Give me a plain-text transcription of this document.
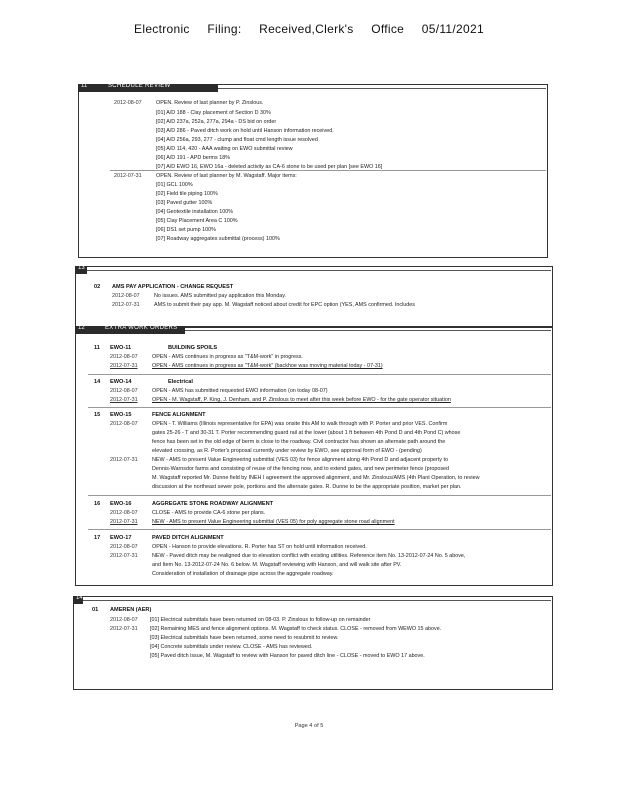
Electronic Filing: Received,Clerk's Office 05/11/2021
11	SCHEDULE REVIEW
2012-08-07	OPEN. Review of last planner by P. Zinslous.
[01] A/D 188 - Clay placement of Section D 30%
[02] A/D 237a, 252a, 277a, 294a - DS bid on order
[03] A/D 286 - Paved ditch work on hold until Hanson information received.
[04] A/D 256a, 293, 277 - clump and float cmd length issue resolved
[05] A/D 114, 420 - AAA waiting on EWO submittal review
[06] A/D 191 - APD berms 18%
[07] A/D EWO 16, EWO 16a - deleted activity as CA-6 stone to be used per plan [see EWO 16]
2012-07-31	OPEN. Review of last planner by M. Wagstaff. Major items:
[01] GCL 100%
[02] Field tile piping 100%
[03] Paved gutter 100%
[04] Geotextile installation 100%
[05] Clay Placement Area C 100%
[06] DS1 set pump 100%
[07] Roadway aggregates submittal (process) 100%
13
02 AMS PAY APPLICATION - CHANGE REQUEST
2012-08-07	No issues. AMS submitted pay application this Monday.
2012-07-31	AMS to submit their pay app. M. Wagstaff noticed about credit for EPC option (YES, AMS confirmed. Includes
12	EXTRA WORK ORDERS
11 EWO-11	BUILDING SPOILS
2012-08-07	OPEN - AMS continues in progress as "T&M-work" in progress.
2012-07-31	OPEN - AMS continues in progress as "T&M-work" (backhoe was moving material today - 07-31)
14 EWO-14	Electrical
2012-08-07	OPEN - AMS has submitted requested EWO information (on today 08-07)
2012-07-31	OPEN - M. Wagstaff, P. King, J. Denham, and P. Zinslous to meet after this week before EWO - for the gate operator situation
15 EWO-15	FENCE ALIGNMENT
2012-08-07	OPEN - T. Williams (Illinois representative for EPA) was onsite this AM to walk through with P. Porter and prior VES. Confirm
gates 25-26 - T and 30-31 T. Porter recommending guard rail at the lower (about 1 ft between 4th Pond D and 4th Pond C) whose
fence has been set in the old edge of berm is close to the roadway. Civil contractor has shown an alternate path around the
elevated crossing, as R. Porter's proposal currently under review by EWO, see approval form of EWO - (pending)
2012-07-31	NEW - AMS to present Value Engineering submittal (VES 03) for fence alignment along 4th Pond D and adjacent property to
Dennis-Warnsdor farms and consisting of reuse of the fencing now, and to extend gates, and new perimeter fence (proposed
M. Wagstaff reported Mr. Dunne field by INEH I agreement the approved alignment, and Mr. Zinslous/AMS (4th Plant Operation, to review
discussion at the northeast sewer pole, portions and the alternate gates. R. Dunne to be the appropriate position, market per plan.
16 EWO-16	AGGREGATE STONE ROADWAY ALIGNMENT
2012-08-07	CLOSE - AMS to provide CA-6 stone per plans.
2012-07-31	NEW - AMS to present Value Engineering submittal (VES 05) for poly aggregate stone road alignment
17 EWO-17	PAVED DITCH ALIGNMENT
2012-08-07	OPEN - Hanson to provide elevations. R. Porter has ST on hold until information received.
2012-07-31	NEW - Paved ditch may be realigned due to elevation conflict with existing utilities. Reference item No. 13-2012-07-24 No. 5 above,
and Item No. 13-2012-07-24 No. 6 below. M. Wagstaff reviewing with Hanson, and will walk site after PV.
Consideration of installation of drainage pipe across the aggregate roadway.
14
01 AMEREN (AER)
2012-08-07 [01] Electrical submittals have been returned on 08-03. P. Zinslous to follow-up on remainder
2012-07-31 [02] Remaining MES and fence alignment options. M. Wagstaff to check status. CLOSE - removed from WEWO 15 above.
[03] Electrical submittals have been returned, some need to resubmit to review.
[04] Concrete submittals under review. CLOSE - AMS has reviewed.
[05] Paved ditch issue, M. Wagstaff to review with Hanson for paved ditch line - CLOSE - moved to EWO 17 above.
Page 4 of 5
